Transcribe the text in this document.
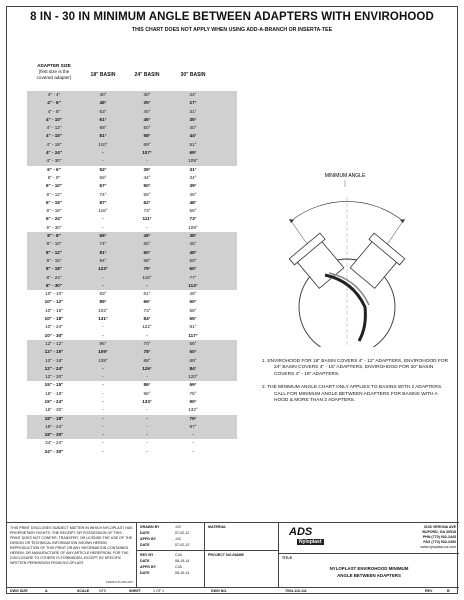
8 IN - 30 IN MINIMUM ANGLE BETWEEN ADAPTERS WITH ENVIROHOOD
THIS CHART DOES NOT APPLY WHEN USING ADD-A-BRANCH OR INSERTA-TEE
ADAPTER SIZE
(first size is the
covered adapter)	18" BASIN	24" BASIN	30" BASIN
4" - 4"	40°	30°	24°
4" - 6"	48°	35°	27°
4" - 8"	53°	40°	31°
4" - 10"	61°	46°	35°
4" - 12"	68°	50°	40°
4" - 15"	81°	58°	44°
4" - 18"	110°	69°	51°
4" - 24"	-	107°	69°
4" - 30"	-	-	109°
6" - 6"	52°	39°	31°
6" - 8"	58°	44°	34°
6" - 10"	67°	50°	39°
6" - 12"	74°	55°	45°
6" - 15"	87°	62°	48°
6" - 18"	116°	73°	55°
6" - 24"	-	111°	73°
6" - 30"	-	-	109°
8" - 8"	66°	49°	38°
8" - 10"	74°	55°	45°
8" - 12"	81°	60°	48°
8" - 15"	94°	68°	50°
8" - 18"	123°	79°	60°
8" - 24"	-	118°	77°
8" - 30"	-	-	113°
10" - 10"	83°	61°	48°
10" - 12"	89°	66°	50°
10" - 15"	102°	73°	58°
10" - 18"	131°	84°	65°
10" - 24"	-	122°	81°
10" - 30"	-	-	117°
12" - 12"	96°	70°	56°
12" - 15"	109°	78°	60°
12" - 18"	138°	88°	69°
12" - 24"	-	126°	84°
12" - 30"	-	-	120°
15" - 15"	-	86°	69°
15" - 18"	-	96°	75°
15" - 24"	-	133°	90°
15" - 30"	-	-	132°
18" - 18"	-	-	79°
18" - 24"	-	-	97°
18" - 30"	-	-	-
24" - 24"	-	-	-
24" - 30"	-	-	-
MINIMUM ANGLE
1. ENVIROHOOD FOR 18" BASIN COVERS 4" - 12" ADAPTERS, ENVIROHOOD FOR 24" BASIN COVERS 4" - 15" ADAPTERS, ENVIROHOOD FOR 30" BASIN COVERS 4" - 18" ADAPTERS.
2. THE MINIMUM ANGLE CHART ONLY APPLIES TO BASINS WITH 2 ADAPTERS. CALL FOR MINIMUM ANGLE BETWEEN ADAPTERS FOR BASINS WITH A HOOD & MORE THAN 2 ADAPTERS.
THIS PRINT DISCLOSES SUBJECT MATTER IN WHICH NYLOPLAST HAS PROPRIETARY RIGHTS. THE RECEIPT OR POSSESSION OF THIS PRINT DOES NOT CONFER, TRANSFER, OR LICENSE THE USE OF THE DESIGN OR TECHNICAL INFORMATION SHOWN HEREIN REPRODUCTION OF THIS PRINT OR ANY INFORMATION CONTAINED HEREIN, OR MANUFACTURE OF ANY ARTICLE HEREFROM, FOR THE DISCLOSURE TO OTHERS IS FORBIDDEN, EXCEPT BY SPECIFIC WRITTEN PERMISSION FROM NYLOPLAST.
©2006 NYLOPLAST
DRAWN BY	JJC
DATE	07-02-12
APPD BY	JJC
DATE	07-02-12
REV BY	CJA
DATE	08-19-14
APPD BY	CJA
DATE	08-19-14
MATERIAL
PROJECT NO./NAME
ADS
Nyloplast
3130 VERONA AVE
BUFORD, GA 30518
PHN (770) 932-2443
FAX (770) 932-2490
www.nyloplast-us.com
TITLE
NYLOPLAST ENVIROHOOD MINIMUM
ANGLE BETWEEN ADAPTERS
DWG SIZE	A	SCALE	NTS	SHEET	1 OF 1	DWG NO.	7004-110-111	REV	B
